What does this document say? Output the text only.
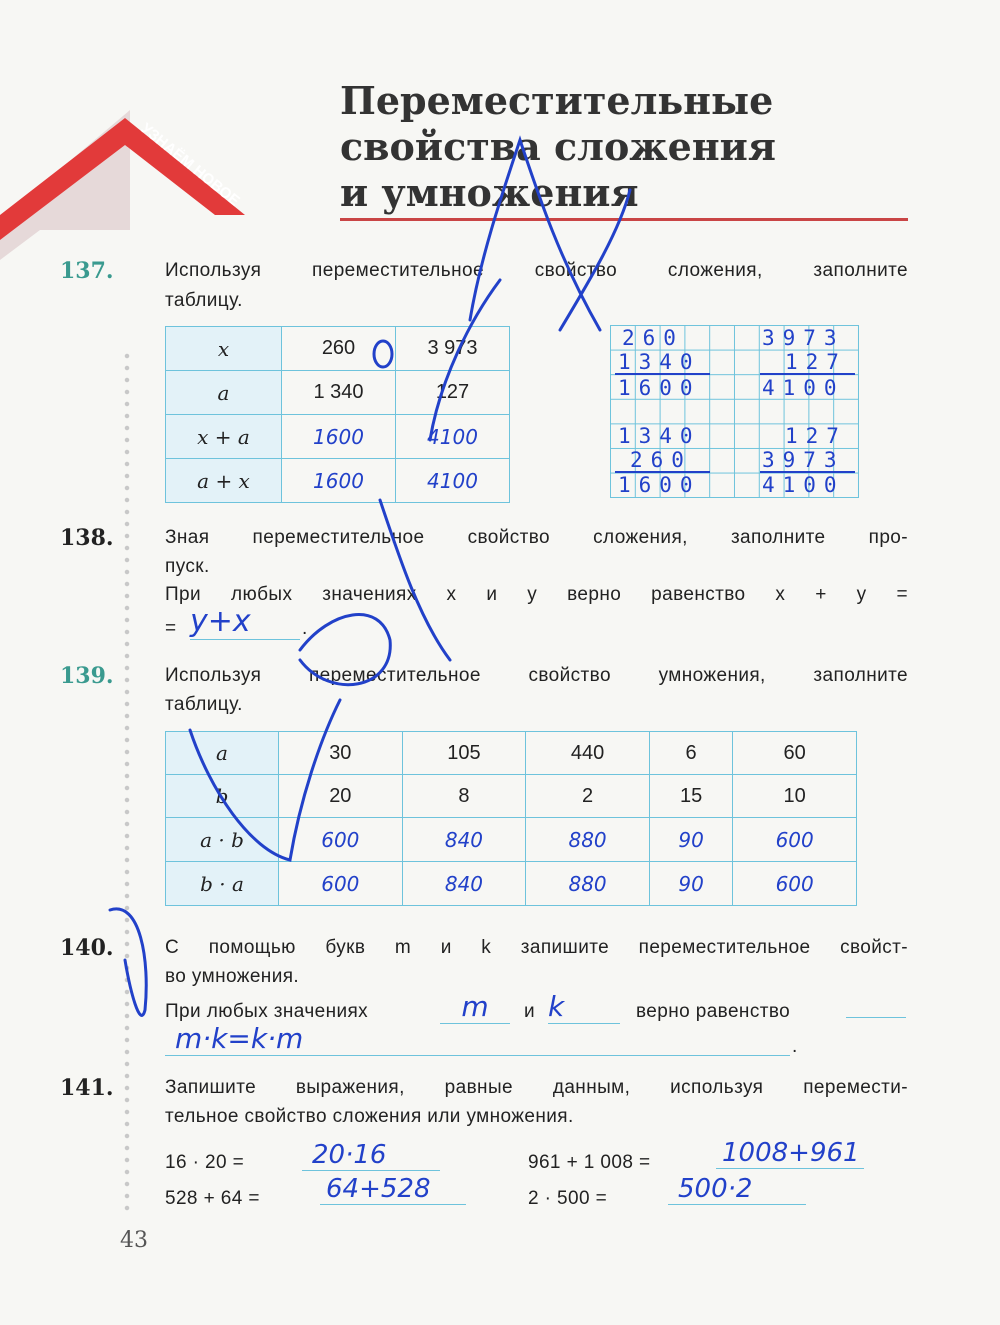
УЗНАЁМ НОВОЕ
Переместительные
свойства сложения
и умножения
137.	Используя переместительное свойство сложения, заполните
таблицу.
x	260	3 973
a	1 340	127
x + a	1600	4100
a + x	1600	4100
260
1340
1600
3973
127
4100
1340
260
1600
127
3973
4100
138.	Зная переместительное свойство сложения, заполните про-
пуск.
При любых значениях x и y верно равенство x + y =
= y+x	.
139.	Используя переместительное свойство умножения, заполните
таблицу.
a	30	105	440	6	60
b	20	8	2	15	10
a · b	600	840	880	90	600
b · a	600	840	880	90	600
140.	С помощью букв m и k запишите переместительное свойст-
во умножения.
При любых значениях	m	и k	верно равенство
m·k=k·m	.
141.	Запишите выражения, равные данным, используя перемести-
тельное свойство сложения или умножения.
16 · 20 =	20·16	961 + 1 008 =	1008+961
528 + 64 =	64+528	2 · 500 =	500·2
43
